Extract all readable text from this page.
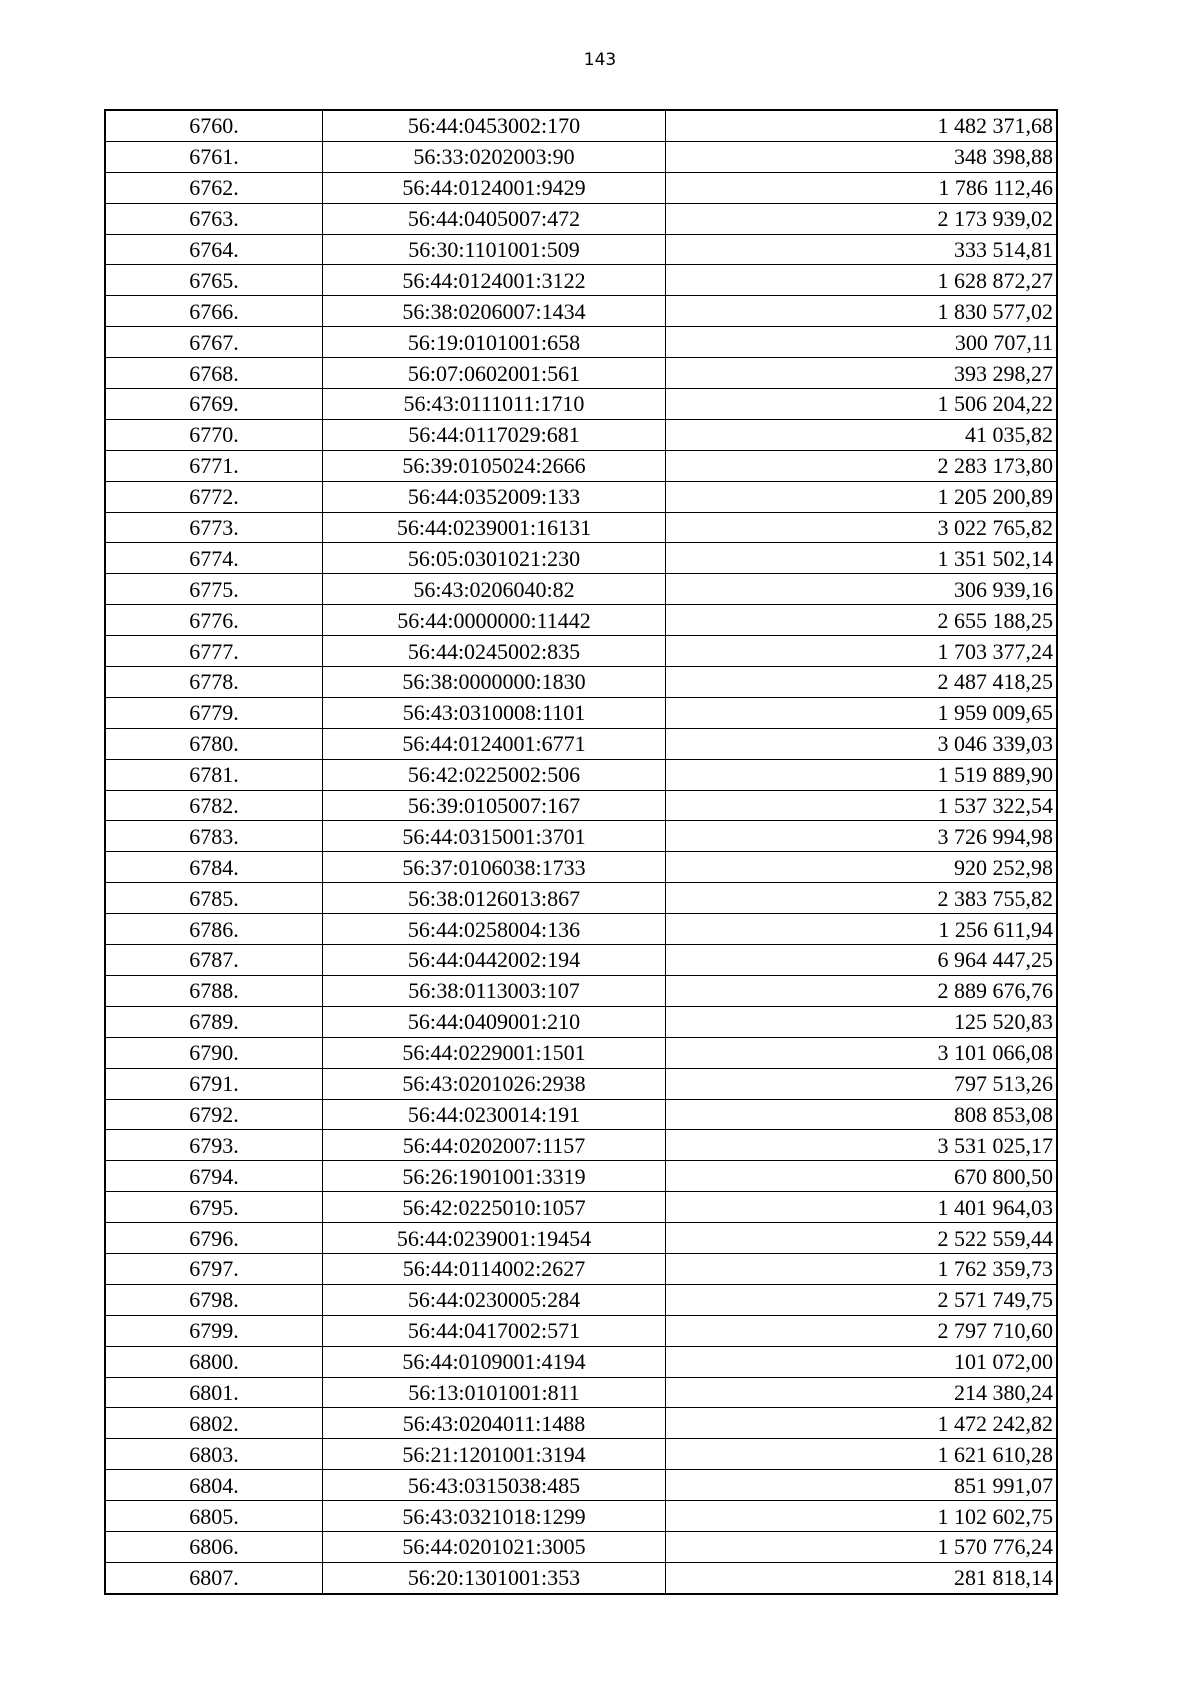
143
6760.	56:44:0453002:170	1 482 371,68
6761.	56:33:0202003:90	348 398,88
6762.	56:44:0124001:9429	1 786 112,46
6763.	56:44:0405007:472	2 173 939,02
6764.	56:30:1101001:509	333 514,81
6765.	56:44:0124001:3122	1 628 872,27
6766.	56:38:0206007:1434	1 830 577,02
6767.	56:19:0101001:658	300 707,11
6768.	56:07:0602001:561	393 298,27
6769.	56:43:0111011:1710	1 506 204,22
6770.	56:44:0117029:681	41 035,82
6771.	56:39:0105024:2666	2 283 173,80
6772.	56:44:0352009:133	1 205 200,89
6773.	56:44:0239001:16131	3 022 765,82
6774.	56:05:0301021:230	1 351 502,14
6775.	56:43:0206040:82	306 939,16
6776.	56:44:0000000:11442	2 655 188,25
6777.	56:44:0245002:835	1 703 377,24
6778.	56:38:0000000:1830	2 487 418,25
6779.	56:43:0310008:1101	1 959 009,65
6780.	56:44:0124001:6771	3 046 339,03
6781.	56:42:0225002:506	1 519 889,90
6782.	56:39:0105007:167	1 537 322,54
6783.	56:44:0315001:3701	3 726 994,98
6784.	56:37:0106038:1733	920 252,98
6785.	56:38:0126013:867	2 383 755,82
6786.	56:44:0258004:136	1 256 611,94
6787.	56:44:0442002:194	6 964 447,25
6788.	56:38:0113003:107	2 889 676,76
6789.	56:44:0409001:210	125 520,83
6790.	56:44:0229001:1501	3 101 066,08
6791.	56:43:0201026:2938	797 513,26
6792.	56:44:0230014:191	808 853,08
6793.	56:44:0202007:1157	3 531 025,17
6794.	56:26:1901001:3319	670 800,50
6795.	56:42:0225010:1057	1 401 964,03
6796.	56:44:0239001:19454	2 522 559,44
6797.	56:44:0114002:2627	1 762 359,73
6798.	56:44:0230005:284	2 571 749,75
6799.	56:44:0417002:571	2 797 710,60
6800.	56:44:0109001:4194	101 072,00
6801.	56:13:0101001:811	214 380,24
6802.	56:43:0204011:1488	1 472 242,82
6803.	56:21:1201001:3194	1 621 610,28
6804.	56:43:0315038:485	851 991,07
6805.	56:43:0321018:1299	1 102 602,75
6806.	56:44:0201021:3005	1 570 776,24
6807.	56:20:1301001:353	281 818,14
